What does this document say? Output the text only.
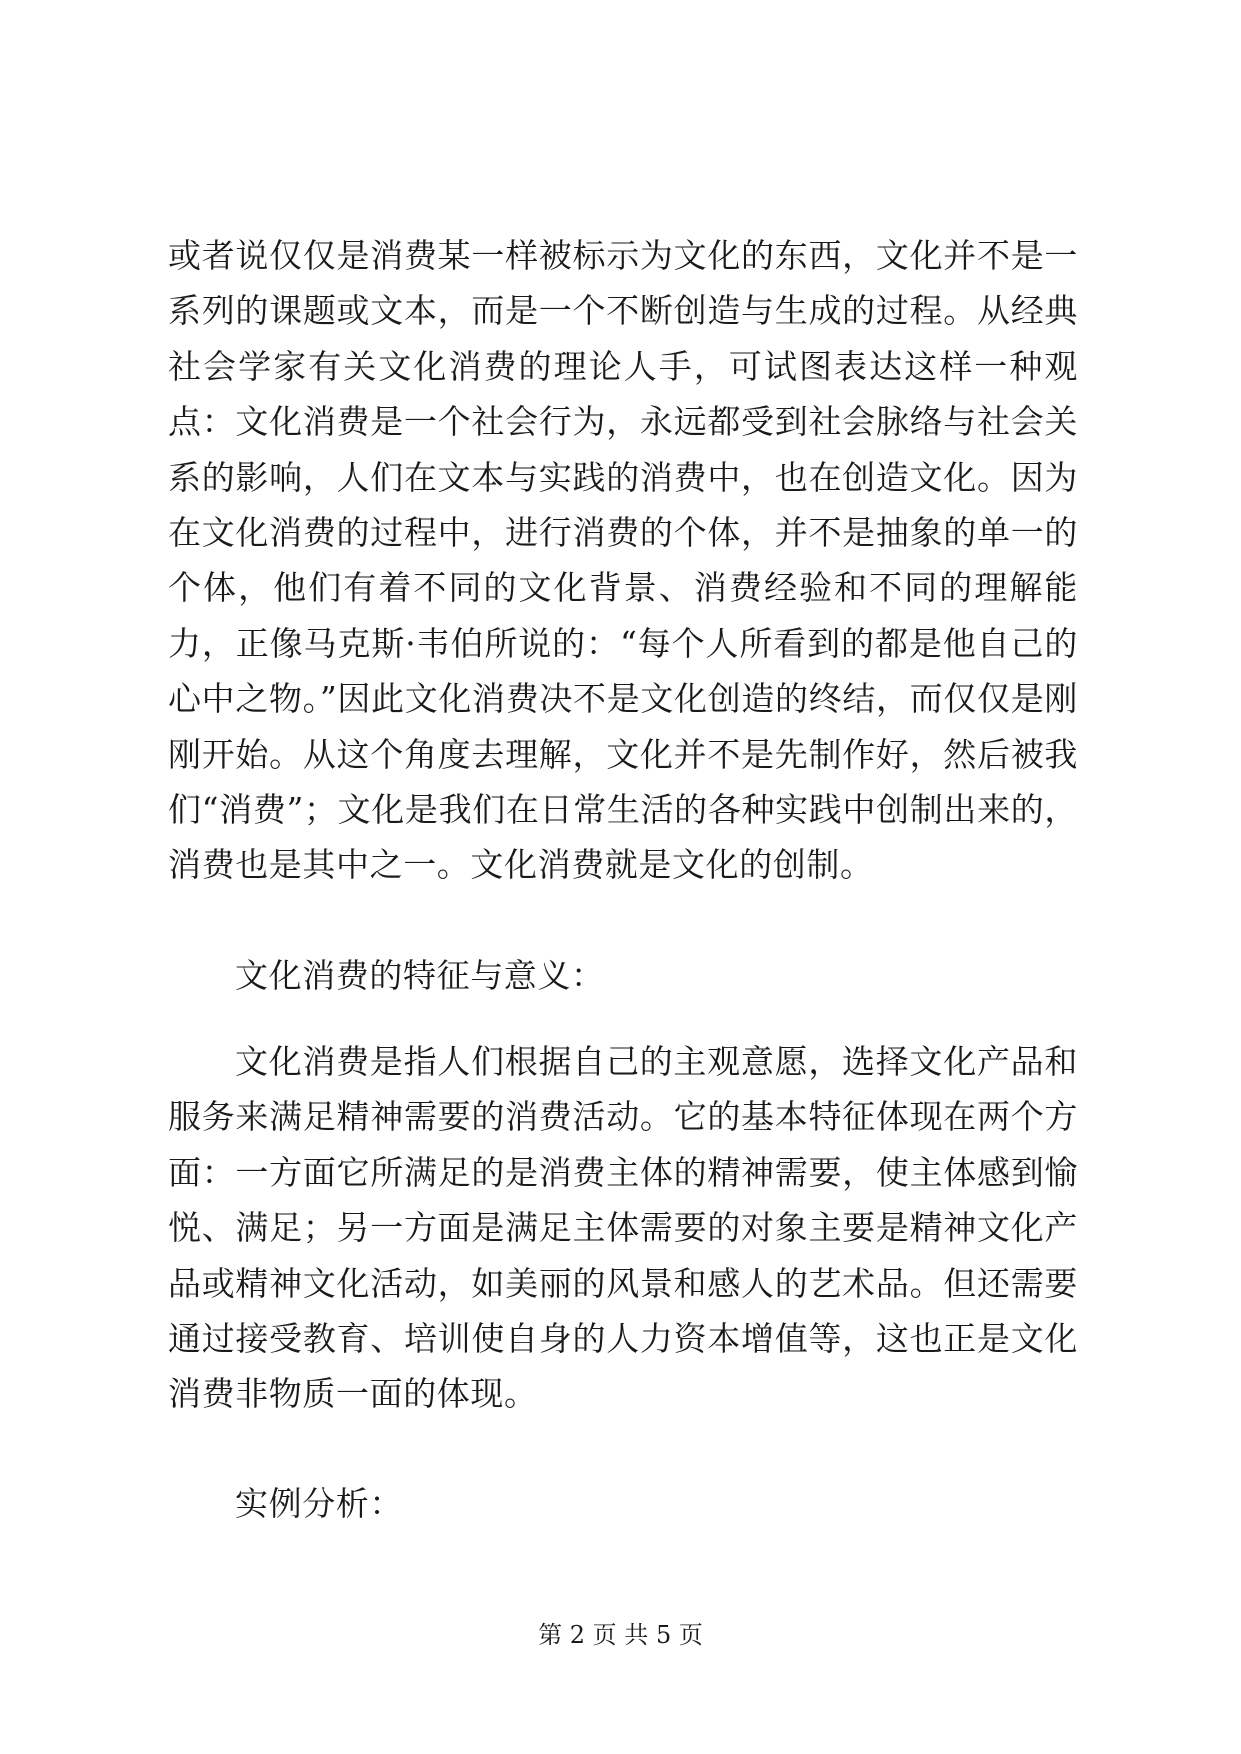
或者说仅仅是消费某一样被标示为文化的东西，文化并不是一系列的课题或文本，而是一个不断创造与生成的过程。从经典社会学家有关文化消费的理论人手，可试图表达这样一种观点：文化消费是一个社会行为，永远都受到社会脉络与社会关系的影响，人们在文本与实践的消费中，也在创造文化。因为在文化消费的过程中，进行消费的个体，并不是抽象的单一的个体，他们有着不同的文化背景、消费经验和不同的理解能力，正像马克斯·韦伯所说的：“每个人所看到的都是他自己的心中之物。”因此文化消费决不是文化创造的终结，而仅仅是刚刚开始。从这个角度去理解，文化并不是先制作好，然后被我们“消费”；文化是我们在日常生活的各种实践中创制出来的，消费也是其中之一。文化消费就是文化的创制。

文化消费的特征与意义：

文化消费是指人们根据自己的主观意愿，选择文化产品和服务来满足精神需要的消费活动。它的基本特征体现在两个方面：一方面它所满足的是消费主体的精神需要，使主体感到愉悦、满足；另一方面是满足主体需要的对象主要是精神文化产品或精神文化活动，如美丽的风景和感人的艺术品。但还需要通过接受教育、培训使自身的人力资本增值等，这也正是文化消费非物质一面的体现。

实例分析：

第 2 页 共 5 页
